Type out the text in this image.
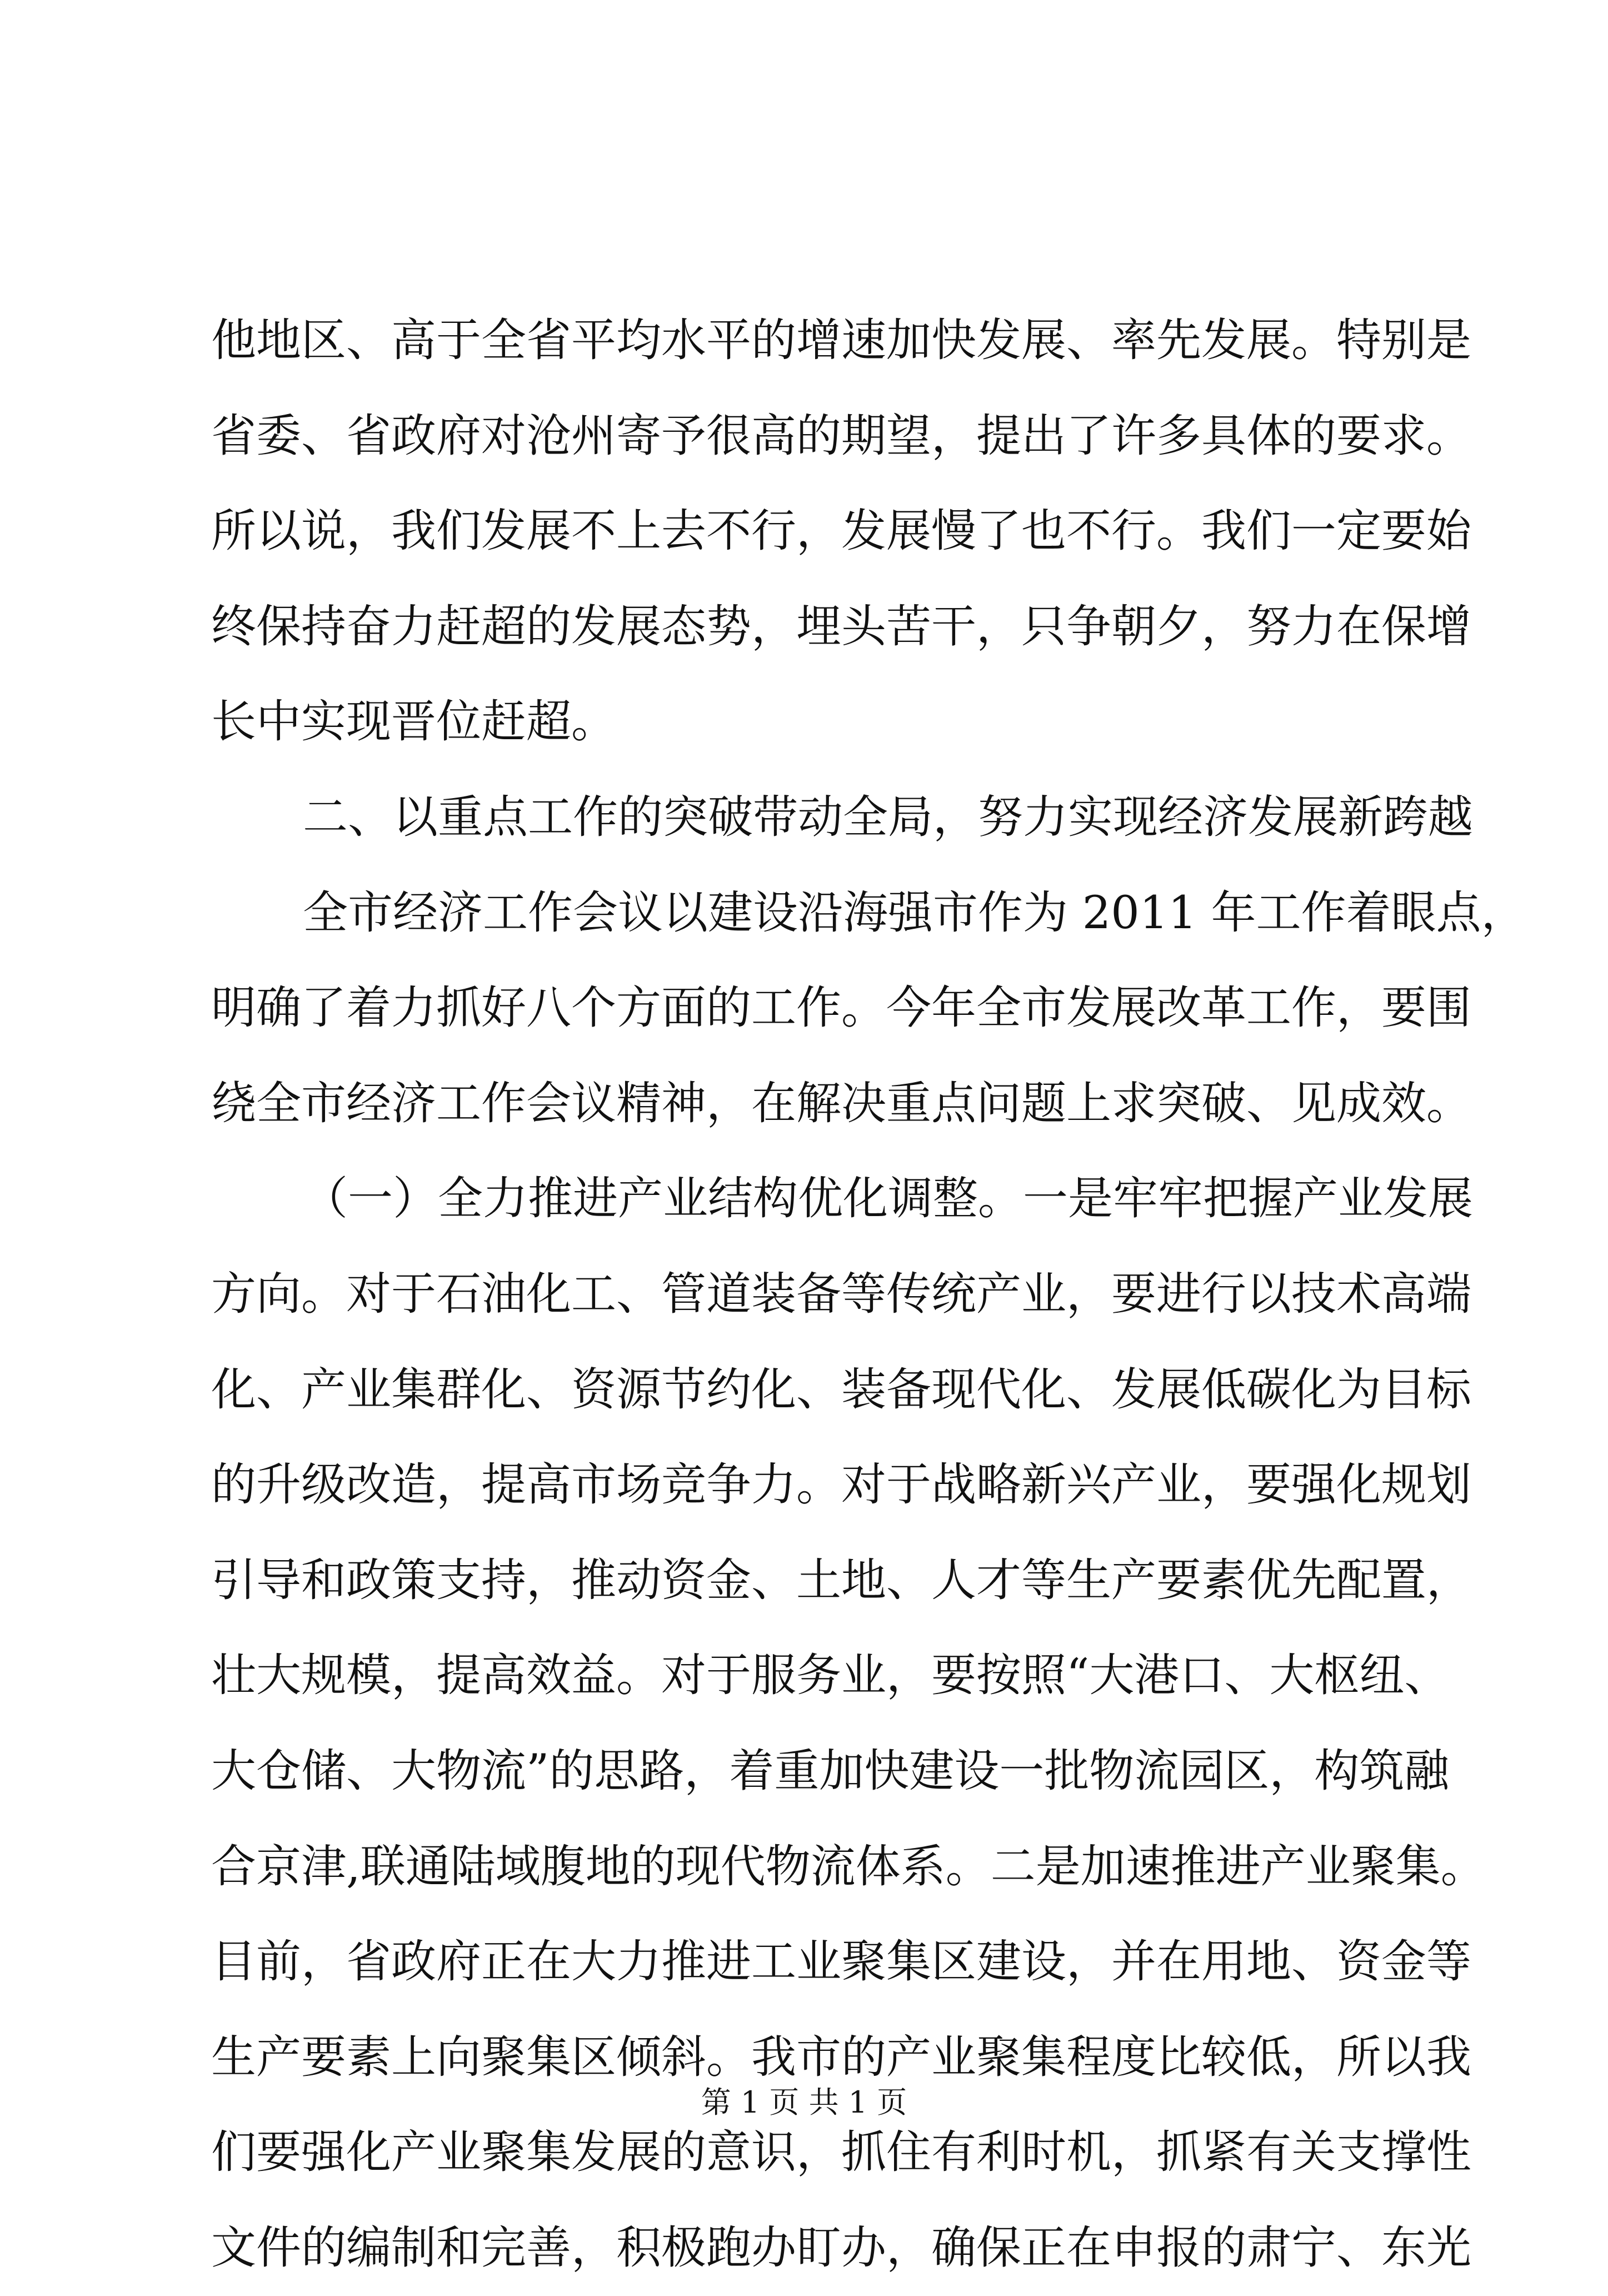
他地区、高于全省平均水平的增速加快发展、率先发展。特别是
省委、省政府对沧州寄予很高的期望，提出了许多具体的要求。
所以说，我们发展不上去不行，发展慢了也不行。我们一定要始
终保持奋力赶超的发展态势，埋头苦干，只争朝夕，努力在保增
长中实现晋位赶超。
二、以重点工作的突破带动全局，努力实现经济发展新跨越
全市经济工作会议以建设沿海强市作为 2011 年工作着眼点，
明确了着力抓好八个方面的工作。今年全市发展改革工作，要围
绕全市经济工作会议精神，在解决重点问题上求突破、见成效。
（一）全力推进产业结构优化调整。一是牢牢把握产业发展
方向。对于石油化工、管道装备等传统产业，要进行以技术高端
化、产业集群化、资源节约化、装备现代化、发展低碳化为目标
的升级改造，提高市场竞争力。对于战略新兴产业，要强化规划
引导和政策支持，推动资金、土地、人才等生产要素优先配置，
壮大规模，提高效益。对于服务业，要按照“大港口、大枢纽、
大仓储、大物流”的思路，着重加快建设一批物流园区，构筑融
合京津,联通陆域腹地的现代物流体系。二是加速推进产业聚集。
目前，省政府正在大力推进工业聚集区建设，并在用地、资金等
生产要素上向聚集区倾斜。我市的产业聚集程度比较低，所以我
们要强化产业聚集发展的意识，抓住有利时机，抓紧有关支撑性
文件的编制和完善，积极跑办盯办，确保正在申报的肃宁、东光
第 1 页 共 1 页
